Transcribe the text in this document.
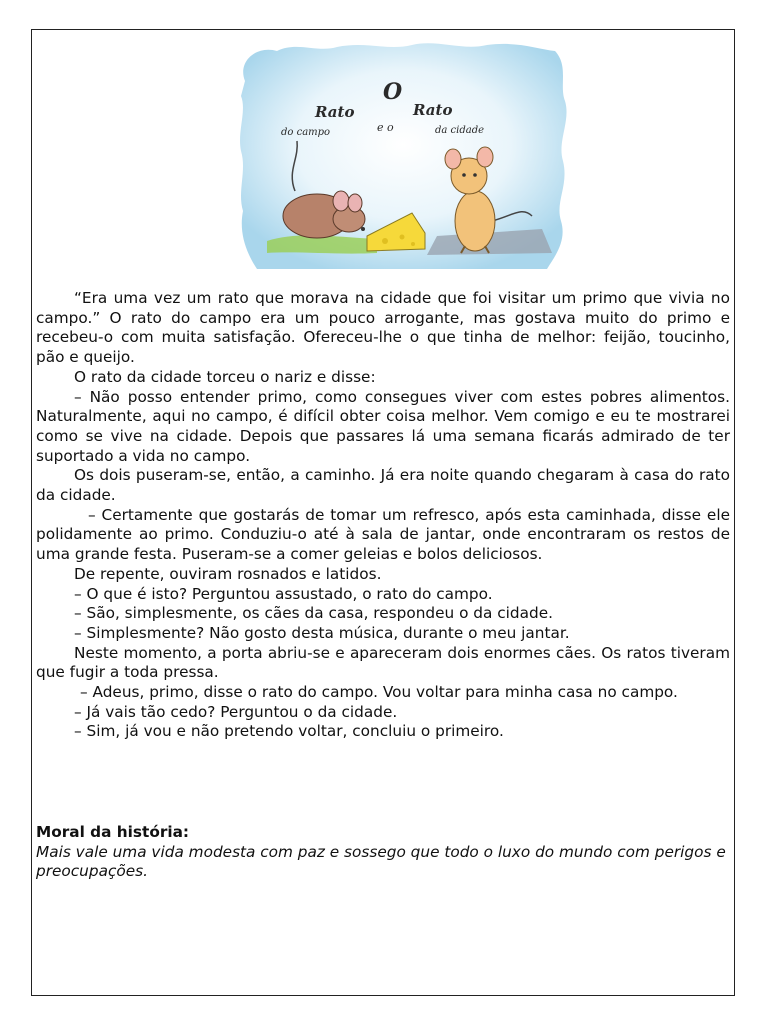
O
Rato	Rato
e o
do campo	da cidade

“Era uma vez um rato que morava na cidade que foi visitar um primo que vivia no campo.” O rato do campo era um pouco arrogante, mas gostava muito do primo e recebeu-o com muita satisfação. Ofereceu-lhe o que tinha de melhor: feijão, toucinho, pão e queijo.

O rato da cidade torceu o nariz e disse:

– Não posso entender primo, como consegues viver com estes pobres alimentos. Naturalmente, aqui no campo, é difícil obter coisa melhor. Vem comigo e eu te mostrarei como se vive na cidade. Depois que passares lá uma semana ficarás admirado de ter suportado a vida no campo.

Os dois puseram-se, então, a caminho. Já era noite quando chegaram à casa do rato da cidade.

– Certamente que gostarás de tomar um refresco, após esta caminhada, disse ele polidamente ao primo. Conduziu-o até à sala de jantar, onde encontraram os restos de uma grande festa. Puseram-se a comer geleias e bolos deliciosos.

De repente, ouviram rosnados e latidos.

– O que é isto? Perguntou assustado, o rato do campo.

– São, simplesmente, os cães da casa, respondeu o da cidade.

– Simplesmente? Não gosto desta música, durante o meu jantar.

Neste momento, a porta abriu-se e apareceram dois enormes cães. Os ratos tiveram que fugir a toda pressa.

– Adeus, primo, disse o rato do campo. Vou voltar para minha casa no campo.

– Já vais tão cedo? Perguntou o da cidade.

– Sim, já vou e não pretendo voltar, concluiu o primeiro.

Moral da história:
Mais vale uma vida modesta com paz e sossego que todo o luxo do mundo com perigos e preocupações.
